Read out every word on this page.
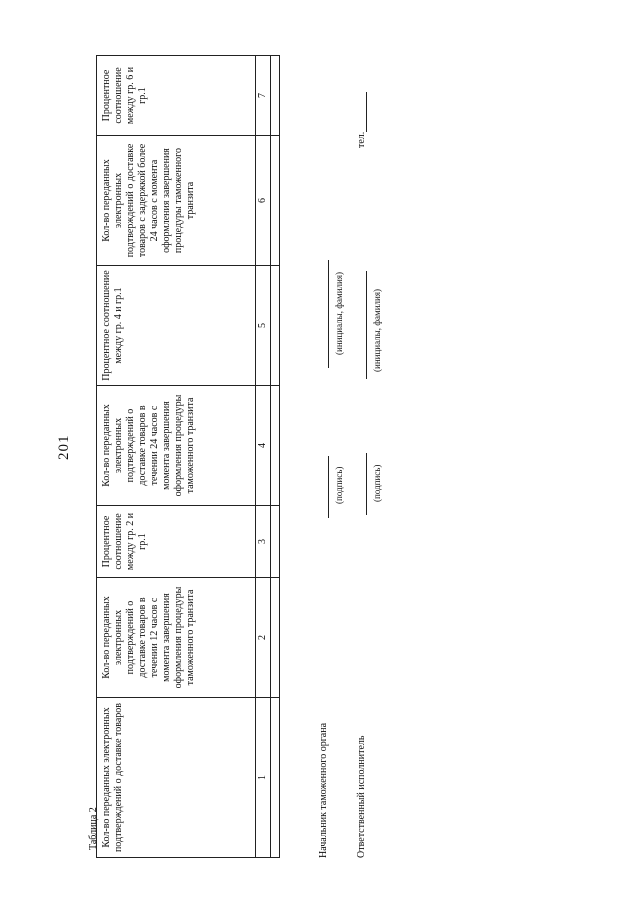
201
Таблица 2 Кол-во переданных электронных подтверждений о доставке товаров	Кол-во переданных электронных подтверждений о доставке товаров в течении 12 часов с момента завершения оформления процедуры таможенного транзита	Процентное соотношение между гр. 2 и гр.1	Кол-во переданных электронных подтверждений о доставке товаров в течении 24 часов с момента завершения оформления процедуры таможенного транзита	Процентное соотношение между гр. 4 и гр.1	Кол-во переданных электронных подтверждений о доставке товаров с задержкой более 24 часов с момента оформления завершения процедуры таможенного транзита	Процентное соотношение между гр. 6 и гр.1
1	2	3	4	5	6	7

Начальник таможенного органа
(подпись)
(инициалы, фамилия)
Ответственный исполнитель
(подпись)
(инициалы, фамилия)
тел.
